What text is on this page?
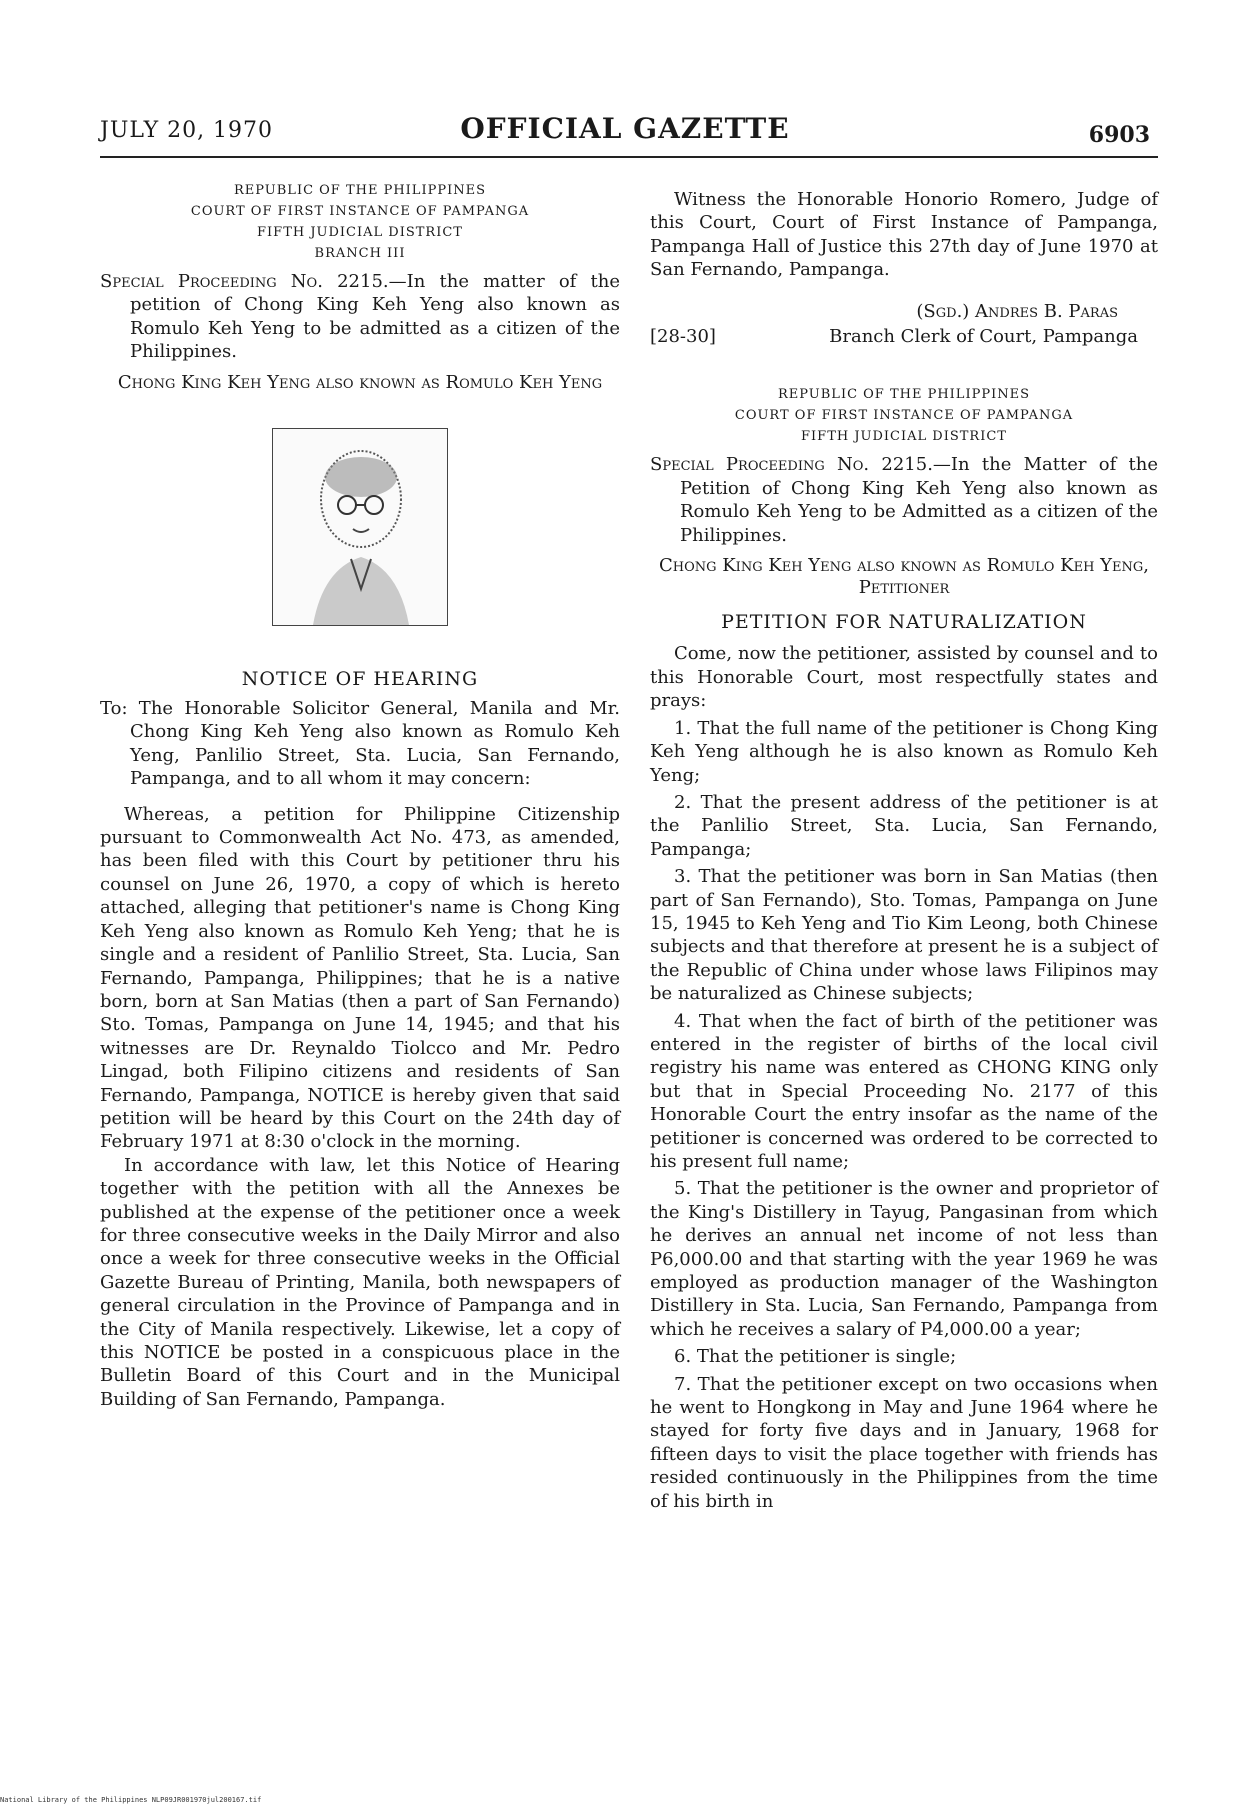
JULY 20, 1970	OFFICIAL GAZETTE	6903
REPUBLIC OF THE PHILIPPINES
COURT OF FIRST INSTANCE OF PAMPANGA
FIFTH JUDICIAL DISTRICT
BRANCH III

Special Proceeding No. 2215.—In the matter of the petition of Chong King Keh Yeng also known as Romulo Keh Yeng to be admitted as a citizen of the Philippines.

Chong King Keh Yeng also known as Romulo Keh Yeng

NOTICE OF HEARING

To: The Honorable Solicitor General, Manila and Mr. Chong King Keh Yeng also known as Romulo Keh Yeng, Panlilio Street, Sta. Lucia, San Fernando, Pampanga, and to all whom it may concern:

Whereas, a petition for Philippine Citizenship pursuant to Commonwealth Act No. 473, as amended, has been filed with this Court by petitioner thru his counsel on June 26, 1970, a copy of which is hereto attached, alleging that petitioner's name is Chong King Keh Yeng also known as Romulo Keh Yeng; that he is single and a resident of Panlilio Street, Sta. Lucia, San Fernando, Pampanga, Philippines; that he is a native born, born at San Matias (then a part of San Fernando) Sto. Tomas, Pampanga on June 14, 1945; and that his witnesses are Dr. Reynaldo Tiolcco and Mr. Pedro Lingad, both Filipino citizens and residents of San Fernando, Pampanga, NOTICE is hereby given that said petition will be heard by this Court on the 24th day of February 1971 at 8:30 o'clock in the morning.

In accordance with law, let this Notice of Hearing together with the petition with all the Annexes be published at the expense of the petitioner once a week for three consecutive weeks in the Daily Mirror and also once a week for three consecutive weeks in the Official Gazette Bureau of Printing, Manila, both newspapers of general circulation in the Province of Pampanga and in the City of Manila respectively. Likewise, let a copy of this NOTICE be posted in a conspicuous place in the Bulletin Board of this Court and in the Municipal Building of San Fernando, Pampanga.

Witness the Honorable Honorio Romero, Judge of this Court, Court of First Instance of Pampanga, Pampanga Hall of Justice this 27th day of June 1970 at San Fernando, Pampanga.

(Sgd.) Andres B. Paras

[28-30]	Branch Clerk of Court, Pampanga
REPUBLIC OF THE PHILIPPINES
COURT OF FIRST INSTANCE OF PAMPANGA
FIFTH JUDICIAL DISTRICT

Special Proceeding No. 2215.—In the Matter of the Petition of Chong King Keh Yeng also known as Romulo Keh Yeng to be Admitted as a citizen of the Philippines.

Chong King Keh Yeng also known as Romulo Keh Yeng, Petitioner

PETITION FOR NATURALIZATION

Come, now the petitioner, assisted by counsel and to this Honorable Court, most respectfully states and prays:

1. That the full name of the petitioner is Chong King Keh Yeng although he is also known as Romulo Keh Yeng;

2. That the present address of the petitioner is at the Panlilio Street, Sta. Lucia, San Fernando, Pampanga;

3. That the petitioner was born in San Matias (then part of San Fernando), Sto. Tomas, Pampanga on June 15, 1945 to Keh Yeng and Tio Kim Leong, both Chinese subjects and that therefore at present he is a subject of the Republic of China under whose laws Filipinos may be naturalized as Chinese subjects;

4. That when the fact of birth of the petitioner was entered in the register of births of the local civil registry his name was entered as CHONG KING only but that in Special Proceeding No. 2177 of this Honorable Court the entry insofar as the name of the petitioner is concerned was ordered to be corrected to his present full name;

5. That the petitioner is the owner and proprietor of the King's Distillery in Tayug, Pangasinan from which he derives an annual net income of not less than P6,000.00 and that starting with the year 1969 he was employed as production manager of the Washington Distillery in Sta. Lucia, San Fernando, Pampanga from which he receives a salary of P4,000.00 a year;

6. That the petitioner is single;

7. That the petitioner except on two occasions when he went to Hongkong in May and June 1964 where he stayed for forty five days and in January, 1968 for fifteen days to visit the place together with friends has resided continuously in the Philippines from the time of his birth in

National Library of the Philippines NLP09JR001970jul200167.tif
